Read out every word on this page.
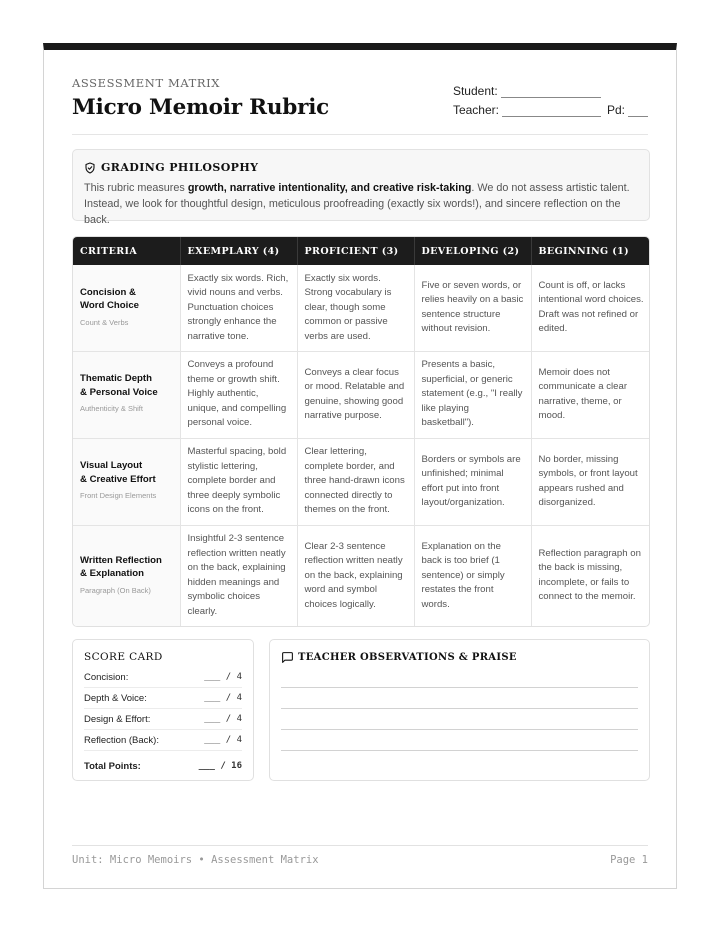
ASSESSMENT MATRIX
Micro Memoir Rubric
Student:
Teacher:	Pd:
GRADING PHILOSOPHY
This rubric measures growth, narrative intentionality, and creative risk-taking. We do not assess artistic talent. Instead, we look for thoughtful design, meticulous proofreading (exactly six words!), and sincere reflection on the back.
CRITERIA	EXEMPLARY (4)	PROFICIENT (3)	DEVELOPING (2)	BEGINNING (1)

Concision &
Word Choice
Count & Verbs	Exactly six words. Rich, vivid nouns and verbs. Punctuation choices strongly enhance the narrative tone.	Exactly six words. Strong vocabulary is clear, though some common or passive verbs are used.	Five or seven words, or relies heavily on a basic sentence structure without revision.	Count is off, or lacks intentional word choices. Draft was not refined or edited.

Thematic Depth
& Personal Voice
Authenticity & Shift	Conveys a profound theme or growth shift. Highly authentic, unique, and compelling personal voice.	Conveys a clear focus or mood. Relatable and genuine, showing good narrative purpose.	Presents a basic, superficial, or generic statement (e.g., "I really like playing basketball").	Memoir does not communicate a clear narrative, theme, or mood.

Visual Layout
& Creative Effort
Front Design Elements	Masterful spacing, bold stylistic lettering, complete border and three deeply symbolic icons on the front.	Clear lettering, complete border, and three hand-drawn icons connected directly to themes on the front.	Borders or symbols are unfinished; minimal effort put into front layout/organization.	No border, missing symbols, or front layout appears rushed and disorganized.

Written Reflection
& Explanation
Paragraph (On Back)	Insightful 2-3 sentence reflection written neatly on the back, explaining hidden meanings and symbolic choices clearly.	Clear 2-3 sentence reflection written neatly on the back, explaining word and symbol choices logically.	Explanation on the back is too brief (1 sentence) or simply restates the front words.	Reflection paragraph on the back is missing, incomplete, or fails to connect to the memoir.
SCORE CARD
Concision:	___ / 4
Depth & Voice:	___ / 4
Design & Effort:	___ / 4
Reflection (Back):	___ / 4
Total Points:	___ / 16
TEACHER OBSERVATIONS & PRAISE
Unit: Micro Memoirs • Assessment Matrix	Page 1
